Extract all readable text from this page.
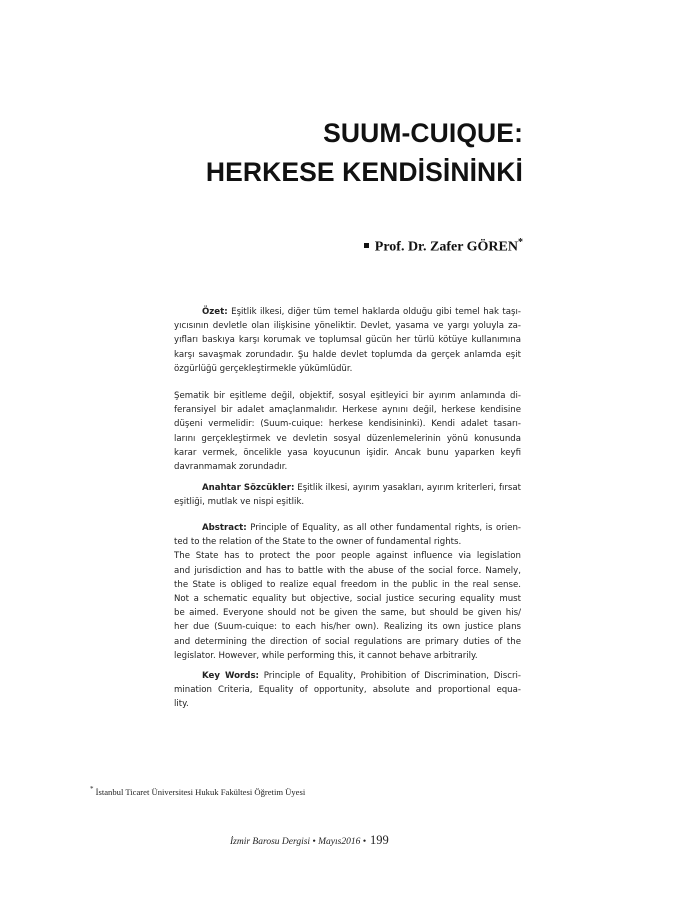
SUUM-CUIQUE:
HERKESE KENDİSİNİNKİ
Prof. Dr. Zafer GÖREN*
Özet: Eşitlik ilkesi, diğer tüm temel haklarda olduğu gibi temel hak taşı-
yıcısının devletle olan ilişkisine yöneliktir. Devlet, yasama ve yargı yoluyla za-
yıfları baskıya karşı korumak ve toplumsal gücün her türlü kötüye kullanımına
karşı savaşmak zorundadır. Şu halde devlet toplumda da gerçek anlamda eşit
özgürlüğü gerçekleştirmekle yükümlüdür.
Şematik bir eşitleme değil, objektif, sosyal eşitleyici bir ayırım anlamında di-
feransiyel bir adalet amaçlanmalıdır. Herkese aynını değil, herkese kendisine
düşeni vermelidir: (Suum-cuique: herkese kendisininki). Kendi adalet tasarı-
larını gerçekleştirmek ve devletin sosyal düzenlemelerinin yönü konusunda
karar vermek, öncelikle yasa koyucunun işidir. Ancak bunu yaparken keyfi
davranmamak zorundadır.
Anahtar Sözcükler: Eşitlik ilkesi, ayırım yasakları, ayırım kriterleri, fırsat
eşitliği, mutlak ve nispi eşitlik.
Abstract: Principle of Equality, as all other fundamental rights, is orien-
ted to the relation of the State to the owner of fundamental rights.
The State has to protect the poor people against influence via legislation
and jurisdiction and has to battle with the abuse of the social force. Namely,
the State is obliged to realize equal freedom in the public in the real sense.
Not a schematic equality but objective, social justice securing equality must
be aimed. Everyone should not be given the same, but should be given his/
her due (Suum-cuique: to each his/her own). Realizing its own justice plans
and determining the direction of social regulations are primary duties of the
legislator. However, while performing this, it cannot behave arbitrarily.
Key Words: Principle of Equality, Prohibition of Discrimination, Discri-
mination Criteria, Equality of opportunity, absolute and proportional equa-
lity.
* İstanbul Ticaret Üniversitesi Hukuk Fakültesi Öğretim Üyesi
İzmir Barosu Dergisi • Mayıs2016 • 199
